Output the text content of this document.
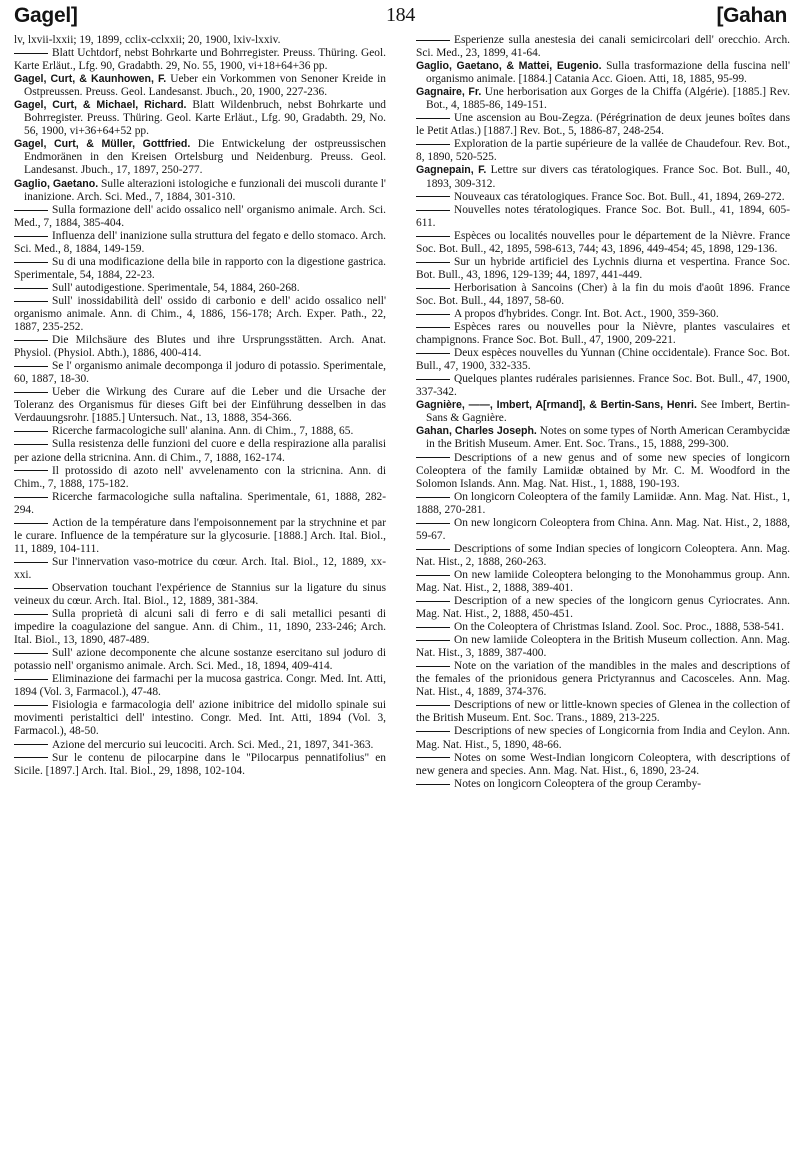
Gagel]	184	[Gahan

lv, lxvii-lxxii; 19, 1899, cclix-cclxxii; 20, 1900, lxiv-lxxiv.

Blatt Uchtdorf, nebst Bohrkarte und Bohrregister. Preuss. Thüring. Geol. Karte Erläut., Lfg. 90, Gradabth. 29, No. 55, 1900, vi+18+64+36 pp.

Gagel, Curt, & Kaunhowen, F. Ueber ein Vorkommen von Senoner Kreide in Ostpreussen. Preuss. Geol. Landesanst. Jbuch., 20, 1900, 227-236.

Gagel, Curt, & Michael, Richard. Blatt Wildenbruch, nebst Bohrkarte und Bohrregister. Preuss. Thüring. Geol. Karte Erläut., Lfg. 90, Gradabth. 29, No. 56, 1900, vi+36+64+52 pp.

Gagel, Curt, & Müller, Gottfried. Die Entwickelung der ostpreussischen Endmoränen in den Kreisen Ortelsburg und Neidenburg. Preuss. Geol. Landesanst. Jbuch., 17, 1897, 250-277.

Gaglio, Gaetano. Sulle alterazioni istologiche e funzionali dei muscoli durante l' inanizione. Arch. Sci. Med., 7, 1884, 301-310.

Sulla formazione dell' acido ossalico nell' organismo animale. Arch. Sci. Med., 7, 1884, 385-404.

Influenza dell' inanizione sulla struttura del fegato e dello stomaco. Arch. Sci. Med., 8, 1884, 149-159.

Su di una modificazione della bile in rapporto con la digestione gastrica. Sperimentale, 54, 1884, 22-23.

Sull' autodigestione. Sperimentale, 54, 1884, 260-268.

Sull' inossidabilità dell' ossido di carbonio e dell' acido ossalico nell' organismo animale. Ann. di Chim., 4, 1886, 156-178; Arch. Exper. Path., 22, 1887, 235-252.

Die Milchsäure des Blutes und ihre Ursprungsstätten. Arch. Anat. Physiol. (Physiol. Abth.), 1886, 400-414.

Se l' organismo animale decomponga il joduro di potassio. Sperimentale, 60, 1887, 18-30.

Ueber die Wirkung des Curare auf die Leber und die Ursache der Toleranz des Organismus für dieses Gift bei der Einführung desselben in das Verdauungsrohr. [1885.] Untersuch. Nat., 13, 1888, 354-366.

Ricerche farmacologiche sull' alanina. Ann. di Chim., 7, 1888, 65.

Sulla resistenza delle funzioni del cuore e della respirazione alla paralisi per azione della stricnina. Ann. di Chim., 7, 1888, 162-174.

Il protossido di azoto nell' avvelenamento con la stricnina. Ann. di Chim., 7, 1888, 175-182.

Ricerche farmacologiche sulla naftalina. Sperimentale, 61, 1888, 282-294.

Action de la température dans l'empoisonnement par la strychnine et par le curare. Influence de la température sur la glycosurie. [1888.] Arch. Ital. Biol., 11, 1889, 104-111.

Sur l'innervation vaso-motrice du cœur. Arch. Ital. Biol., 12, 1889, xx-xxi.

Observation touchant l'expérience de Stannius sur la ligature du sinus veineux du cœur. Arch. Ital. Biol., 12, 1889, 381-384.

Sulla proprietà di alcuni sali di ferro e di sali metallici pesanti di impedire la coagulazione del sangue. Ann. di Chim., 11, 1890, 233-246; Arch. Ital. Biol., 13, 1890, 487-489.

Sull' azione decomponente che alcune sostanze esercitano sul joduro di potassio nell' organismo animale. Arch. Sci. Med., 18, 1894, 409-414.

Eliminazione dei farmachi per la mucosa gastrica. Congr. Med. Int. Atti, 1894 (Vol. 3, Farmacol.), 47-48.

Fisiologia e farmacologia dell' azione inibitrice del midollo spinale sui movimenti peristaltici dell' intestino. Congr. Med. Int. Atti, 1894 (Vol. 3, Farmacol.), 48-50.

Azione del mercurio sui leucociti. Arch. Sci. Med., 21, 1897, 341-363.

Sur le contenu de pilocarpine dans le "Pilocarpus pennatifolius" en Sicile. [1897.] Arch. Ital. Biol., 29, 1898, 102-104.

Esperienze sulla anestesia dei canali semicircolari dell' orecchio. Arch. Sci. Med., 23, 1899, 41-64.

Gaglio, Gaetano, & Mattei, Eugenio. Sulla trasformazione della fuscina nell' organismo animale. [1884.] Catania Acc. Gioen. Atti, 18, 1885, 95-99.

Gagnaire, Fr. Une herborisation aux Gorges de la Chiffa (Algérie). [1885.] Rev. Bot., 4, 1885-86, 149-151.

Une ascension au Bou-Zegza. (Pérégrination de deux jeunes boîtes dans le Petit Atlas.) [1887.] Rev. Bot., 5, 1886-87, 248-254.

Exploration de la partie supérieure de la vallée de Chaudefour. Rev. Bot., 8, 1890, 520-525.

Gagnepain, F. Lettre sur divers cas tératologiques. France Soc. Bot. Bull., 40, 1893, 309-312.

Nouveaux cas tératologiques. France Soc. Bot. Bull., 41, 1894, 269-272.

Nouvelles notes tératologiques. France Soc. Bot. Bull., 41, 1894, 605-611.

Espèces ou localités nouvelles pour le département de la Nièvre. France Soc. Bot. Bull., 42, 1895, 598-613, 744; 43, 1896, 449-454; 45, 1898, 129-136.

Sur un hybride artificiel des Lychnis diurna et vespertina. France Soc. Bot. Bull., 43, 1896, 129-139; 44, 1897, 441-449.

Herborisation à Sancoins (Cher) à la fin du mois d'août 1896. France Soc. Bot. Bull., 44, 1897, 58-60.

A propos d'hybrides. Congr. Int. Bot. Act., 1900, 359-360.

Espèces rares ou nouvelles pour la Nièvre, plantes vasculaires et champignons. France Soc. Bot. Bull., 47, 1900, 209-221.

Deux espèces nouvelles du Yunnan (Chine occidentale). France Soc. Bot. Bull., 47, 1900, 332-335.

Quelques plantes rudérales parisiennes. France Soc. Bot. Bull., 47, 1900, 337-342.

Gagnière, ——, Imbert, A[rmand], & Bertin-Sans, Henri. See Imbert, Bertin-Sans & Gagnière.

Gahan, Charles Joseph. Notes on some types of North American Cerambycidæ in the British Museum. Amer. Ent. Soc. Trans., 15, 1888, 299-300.

Descriptions of a new genus and of some new species of longicorn Coleoptera of the family Lamiidæ obtained by Mr. C. M. Woodford in the Solomon Islands. Ann. Mag. Nat. Hist., 1, 1888, 190-193.

On longicorn Coleoptera of the family Lamiidæ. Ann. Mag. Nat. Hist., 1, 1888, 270-281.

On new longicorn Coleoptera from China. Ann. Mag. Nat. Hist., 2, 1888, 59-67.

Descriptions of some Indian species of longicorn Coleoptera. Ann. Mag. Nat. Hist., 2, 1888, 260-263.

On new lamiide Coleoptera belonging to the Monohammus group. Ann. Mag. Nat. Hist., 2, 1888, 389-401.

Description of a new species of the longicorn genus Cyriocrates. Ann. Mag. Nat. Hist., 2, 1888, 450-451.

On the Coleoptera of Christmas Island. Zool. Soc. Proc., 1888, 538-541.

On new lamiide Coleoptera in the British Museum collection. Ann. Mag. Nat. Hist., 3, 1889, 387-400.

Note on the variation of the mandibles in the males and descriptions of the females of the prionidous genera Prictyrannus and Cacosceles. Ann. Mag. Nat. Hist., 4, 1889, 374-376.

Descriptions of new or little-known species of Glenea in the collection of the British Museum. Ent. Soc. Trans., 1889, 213-225.

Descriptions of new species of Longicornia from India and Ceylon. Ann. Mag. Nat. Hist., 5, 1890, 48-66.

Notes on some West-Indian longicorn Coleoptera, with descriptions of new genera and species. Ann. Mag. Nat. Hist., 6, 1890, 23-24.

Notes on longicorn Coleoptera of the group Ceramby-
